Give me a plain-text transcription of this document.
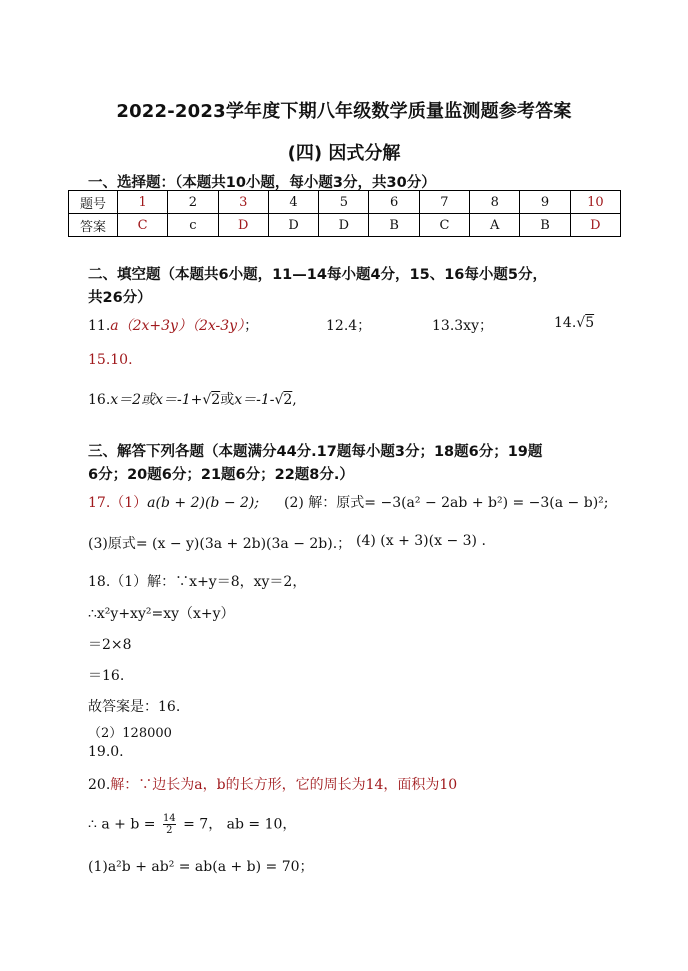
2022-2023学年度下期八年级数学质量监测题参考答案
(四) 因式分解
一、选择题：（本题共10小题，每小题3分，共30分）
题号	1	2	3	4	5	6	7	8	9	10
答案	C	c	D	D	D	B	C	A	B	D
二、填空题（本题共6小题，11—14每小题4分，15、16每小题5分，
共26分）
11.a（2x+3y）（2x-3y）；	12.4；	13.3xy；	14.√5
15.10.
16.x＝2或x＝-1+√2或x＝-1-√2,
三、解答下列各题（本题满分44分.17题每小题3分；18题6分；19题
6分；20题6分；21题6分；22题8分.）
17.（1）a(b + 2)(b − 2); (2) 解：原式= −3(a² − 2ab + b²) = −3(a − b)²;
(3)原式= (x − y)(3a + 2b)(3a − 2b).； (4) (x + 3)(x − 3) .
18.（1）解：∵x+y＝8，xy＝2，
∴x²y+xy²=xy（x+y）
＝2×8
＝16.
故答案是：16.
（2）128000
19.0.
20.解：∵边长为a，b的长方形，它的周长为14，面积为10
∴ $a + b = \frac{14}{2} = 7$， ab = 10，
(1)a²b + ab² = ab(a + b) = 70；
